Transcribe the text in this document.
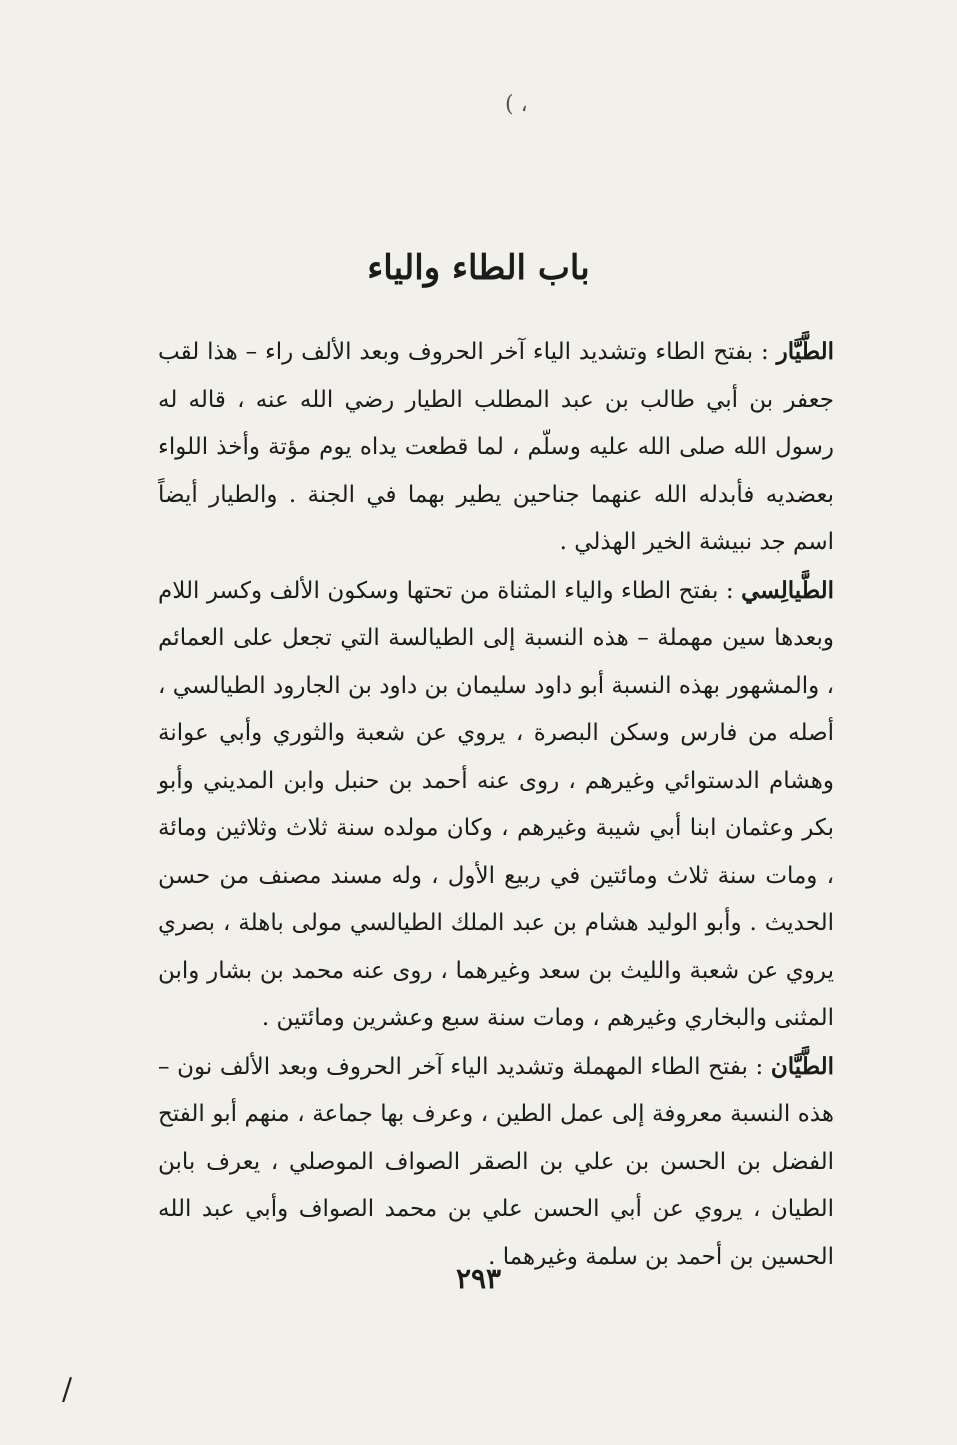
( ،
باب الطاء والياء

الطَّيَّار : بفتح الطاء وتشديد الياء آخر الحروف وبعد الألف راء – هذا لقب جعفر بن أبي طالب بن عبد المطلب الطيار رضي الله عنه ، قاله له رسول الله صلى الله عليه وسلّم ، لما قطعت يداه يوم مؤتة وأخذ اللواء بعضديه فأبدله الله عنهما جناحين يطير بهما في الجنة . والطيار أيضاً اسم جد نبيشة الخير الهذلي .

الطَّيالِسي : بفتح الطاء والياء المثناة من تحتها وسكون الألف وكسر اللام وبعدها سين مهملة – هذه النسبة إلى الطيالسة التي تجعل على العمائم ، والمشهور بهذه النسبة أبو داود سليمان بن داود بن الجارود الطيالسي ، أصله من فارس وسكن البصرة ، يروي عن شعبة والثوري وأبي عوانة وهشام الدستوائي وغيرهم ، روى عنه أحمد بن حنبل وابن المديني وأبو بكر وعثمان ابنا أبي شيبة وغيرهم ، وكان مولده سنة ثلاث وثلاثين ومائة ، ومات سنة ثلاث ومائتين في ربيع الأول ، وله مسند مصنف من حسن الحديث . وأبو الوليد هشام بن عبد الملك الطيالسي مولى باهلة ، بصري يروي عن شعبة والليث بن سعد وغيرهما ، روى عنه محمد بن بشار وابن المثنى والبخاري وغيرهم ، ومات سنة سبع وعشرين ومائتين .

الطَّيَّان : بفتح الطاء المهملة وتشديد الياء آخر الحروف وبعد الألف نون – هذه النسبة معروفة إلى عمل الطين ، وعرف بها جماعة ، منهم أبو الفتح الفضل بن الحسن بن علي بن الصقر الصواف الموصلي ، يعرف بابن الطيان ، يروي عن أبي الحسن علي بن محمد الصواف وأبي عبد الله الحسين بن أحمد بن سلمة وغيرهما .

٢٩٣
/
